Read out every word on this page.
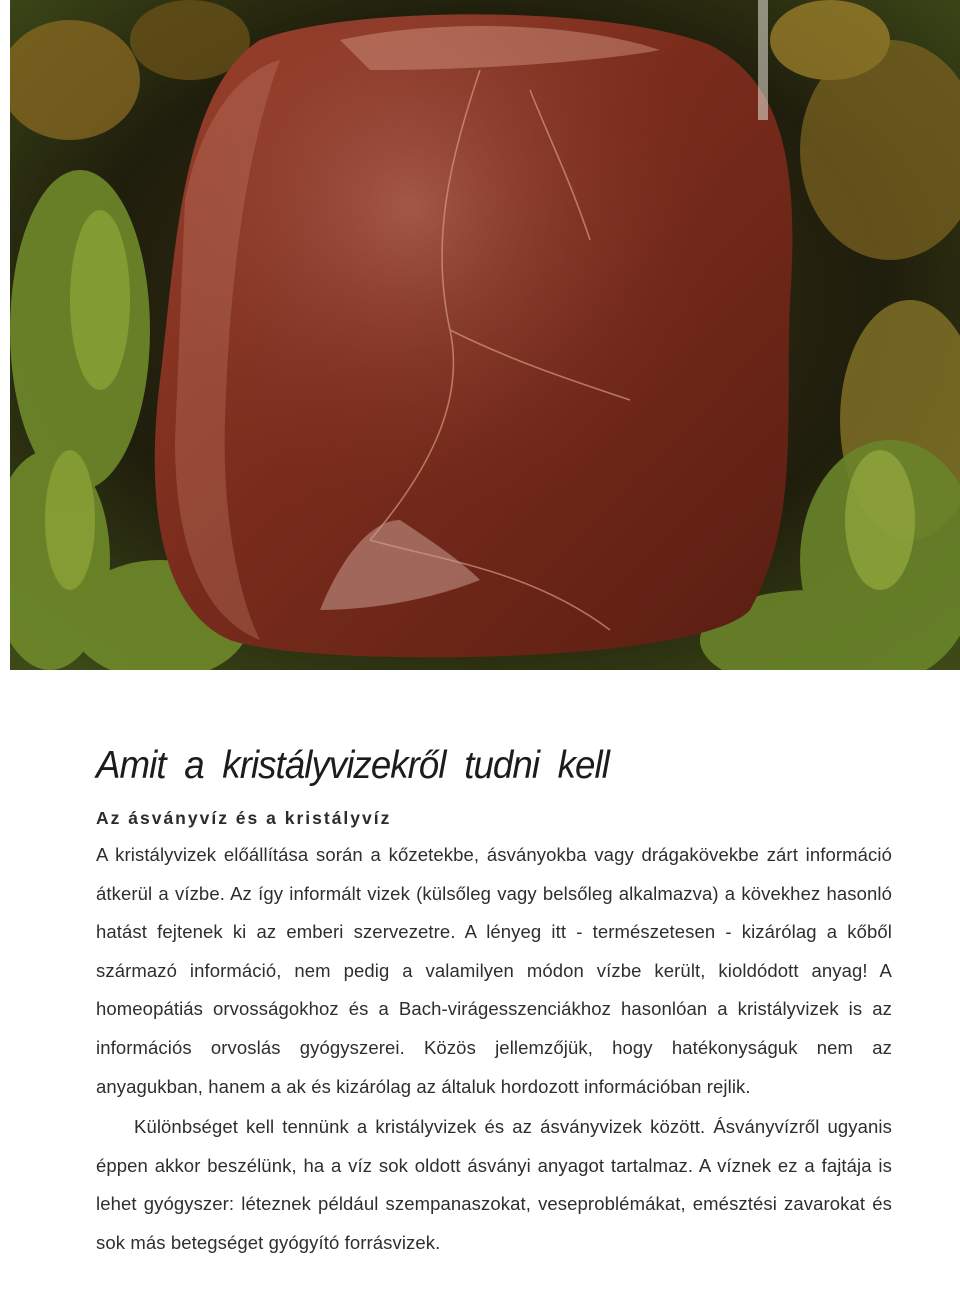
Amit a kristályvizekről tudni kell
Az ásványvíz és a kristályvíz

A kristályvizek előállítása során a kőzetekbe, ásványokba vagy drágakövekbe zárt információ átkerül a vízbe. Az így informált vizek (külsőleg vagy belsőleg alkalmazva) a kövekhez hasonló hatást fejtenek ki az emberi szervezetre. A lényeg itt - természetesen - kizárólag a kőből származó információ, nem pedig a valamilyen módon vízbe került, kioldódott anyag! A homeopátiás orvosságokhoz és a Bach-virágesszenciákhoz hasonlóan a kristályvizek is az információs orvoslás gyógyszerei. Közös jellemzőjük, hogy hatékonyságuk nem az anyagukban, hanem a ak és kizárólag az általuk hordozott információban rejlik.

Különbséget kell tennünk a kristályvizek és az ásványvizek között. Ásványvízről ugyanis éppen akkor beszélünk, ha a víz sok oldott ásványi anyagot tartalmaz. A víznek ez a fajtája is lehet gyógyszer: léteznek például szempanaszokat, veseproblémákat, emésztési zavarokat és sok más betegséget gyógyító forrásvizek.
